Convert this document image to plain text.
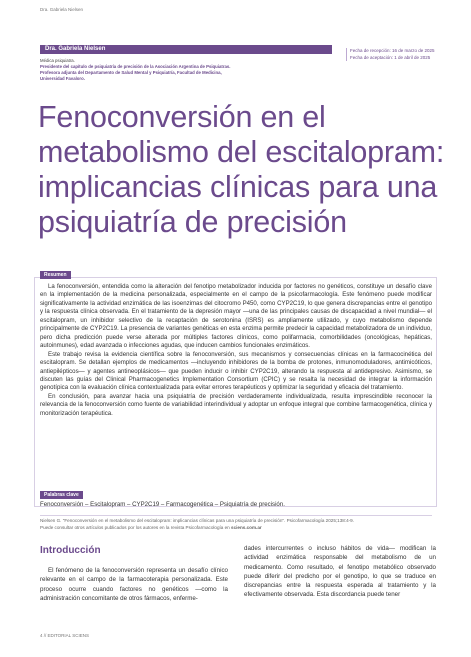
Dra. Gabriela Nielsen
Dra. Gabriela Nielsen
Médica psiquiatra.
Presidente del capítulo de psiquiatría de precisión de la Asociación Argentina de Psiquiatras.
Profesora adjunta del Departamento de Salud Mental y Psiquiatría, Facultad de Medicina,
Universidad Favaloro.
Fecha de recepción: 16 de marzo de 2025
Fecha de aceptación: 1 de abril de 2025
Fenoconversión en el metabolismo del escitalopram: implicancias clínicas para una psiquiatría de precisión
Resumen

La fenoconversión, entendida como la alteración del fenotipo metabolizador inducida por factores no genéticos, constituye un desafío clave en la implementación de la medicina personalizada, especialmente en el campo de la psicofarmacología. Este fenómeno puede modificar significativamente la actividad enzimática de las isoenzimas del citocromo P450, como CYP2C19, lo que genera discrepancias entre el genotipo y la respuesta clínica observada. En el tratamiento de la depresión mayor —una de las principales causas de discapacidad a nivel mundial— el escitalopram, un inhibidor selectivo de la recaptación de serotonina (ISRS) es ampliamente utilizado, y cuyo metabolismo depende principalmente de CYP2C19. La presencia de variantes genéticas en esta enzima permite predecir la capacidad metabolizadora de un individuo, pero dicha predicción puede verse alterada por múltiples factores clínicos, como polifarmacia, comorbilidades (oncológicas, hepáticas, autoinmunes), edad avanzada o infecciones agudas, que inducen cambios funcionales enzimáticos.

Este trabajo revisa la evidencia científica sobre la fenoconversión, sus mecanismos y consecuencias clínicas en la farmacocinética del escitalopram. Se detallan ejemplos de medicamentos —incluyendo inhibidores de la bomba de protones, inmunomoduladores, antimicóticos, antiepilépticos— y agentes antineoplásicos— que pueden inducir o inhibir CYP2C19, alterando la respuesta al antidepresivo. Asimismo, se discuten las guías del Clinical Pharmacogenetics Implementation Consortium (CPIC) y se resalta la necesidad de integrar la información genotípica con la evaluación clínica contextualizada para evitar errores terapéuticos y optimizar la seguridad y eficacia del tratamiento.

En conclusión, para avanzar hacia una psiquiatría de precisión verdaderamente individualizada, resulta imprescindible reconocer la relevancia de la fenoconversión como fuente de variabilidad interindividual y adoptar un enfoque integral que combine farmacogenética, clínica y monitorización terapéutica.

Palabras clave
Fenoconversión – Escitalopram – CYP2C19 – Farmacogenética – Psiquiatría de precisión.
Nielsen G. "Fenoconversión en el metabolismo del escitalopram: implicancias clínicas para una psiquiatría de precisión". Psicofarmacología 2025;138:4-9.
Puede consultar otros artículos publicados por los autores en la revista Psicofarmacología en sciens.com.ar
Introducción

El fenómeno de la fenoconversión representa un desafío clínico relevante en el campo de la farmacoterapia personalizada. Este proceso ocurre cuando factores no genéticos —como la administración concomitante de otros fármacos, enferme-

dades intercurrentes o incluso hábitos de vida— modifican la actividad enzimática responsable del metabolismo de un medicamento. Como resultado, el fenotipo metabólico observado puede diferir del predicho por el genotipo, lo que se traduce en discrepancias entre la respuesta esperada al tratamiento y la efectivamente observada. Esta discordancia puede tener

4 // EDITORIAL SCIENS
